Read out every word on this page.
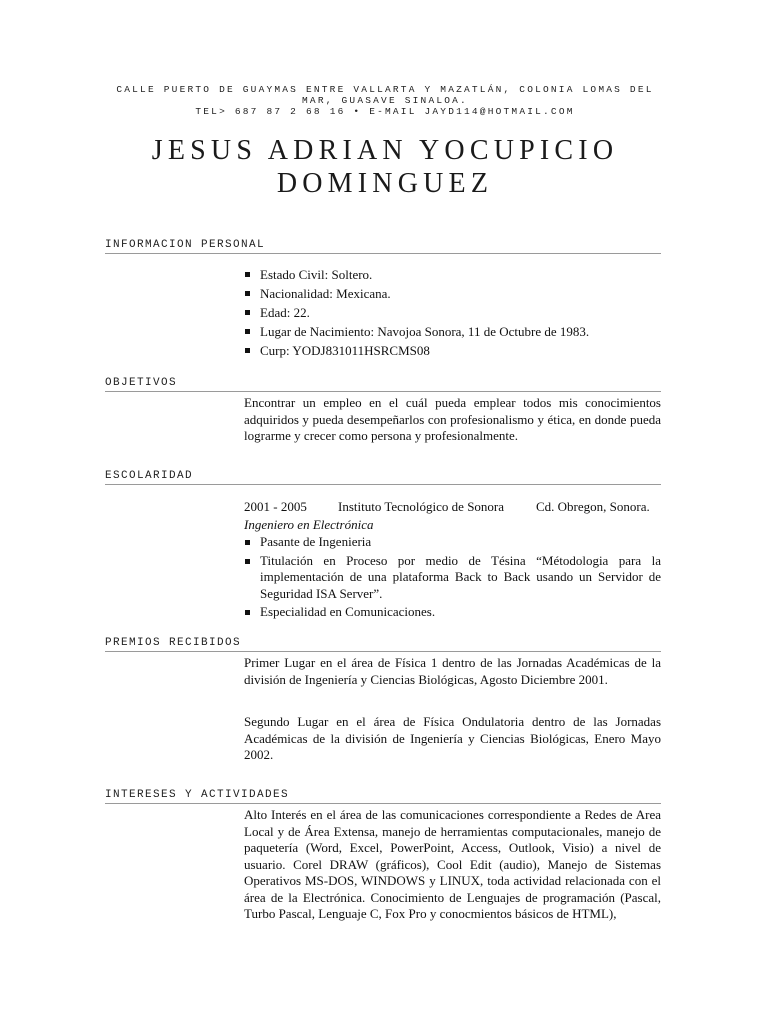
CALLE PUERTO DE GUAYMAS ENTRE VALLARTA Y MAZATLÁN, COLONIA LOMAS DEL
MAR, GUASAVE SINALOA.
TEL> 687 87 2 68 16 • E-MAIL JAYD114@HOTMAIL.COM
JESUS ADRIAN YOCUPICIO
DOMINGUEZ
INFORMACION PERSONAL
Estado Civil: Soltero.
Nacionalidad: Mexicana.
Edad: 22.
Lugar de Nacimiento: Navojoa Sonora, 11 de Octubre de 1983.
Curp: YODJ831011HSRCMS08
OBJETIVOS

Encontrar un empleo en el cuál pueda emplear todos mis conocimientos adquiridos y pueda desempeñarlos con profesionalismo y ética, en donde pueda lograrme y crecer como persona y profesionalmente.

ESCOLARIDAD
2001 - 2005 Instituto Tecnológico de Sonora Cd. Obregon, Sonora.
Ingeniero en Electrónica
Pasante de Ingenieria
Titulación en Proceso por medio de Tésina “Métodologia para la implementación de una plataforma Back to Back usando un Servidor de Seguridad ISA Server”.
Especialidad en Comunicaciones.
PREMIOS RECIBIDOS

Primer Lugar en el área de Física 1 dentro de las Jornadas Académicas de la división de Ingeniería y Ciencias Biológicas, Agosto Diciembre 2001.

Segundo Lugar en el área de Física Ondulatoria dentro de las Jornadas Académicas de la división de Ingeniería y Ciencias Biológicas, Enero Mayo 2002.

INTERESES Y ACTIVIDADES

Alto Interés en el área de las comunicaciones correspondiente a Redes de Area Local y de Área Extensa, manejo de herramientas computacionales, manejo de paquetería (Word, Excel, PowerPoint, Access, Outlook, Visio) a nivel de usuario. Corel DRAW (gráficos), Cool Edit (audio), Manejo de Sistemas Operativos MS-DOS, WINDOWS y LINUX, toda actividad relacionada con el área de la Electrónica. Conocimiento de Lenguajes de programación (Pascal, Turbo Pascal, Lenguaje C, Fox Pro y conocmientos básicos de HTML),
